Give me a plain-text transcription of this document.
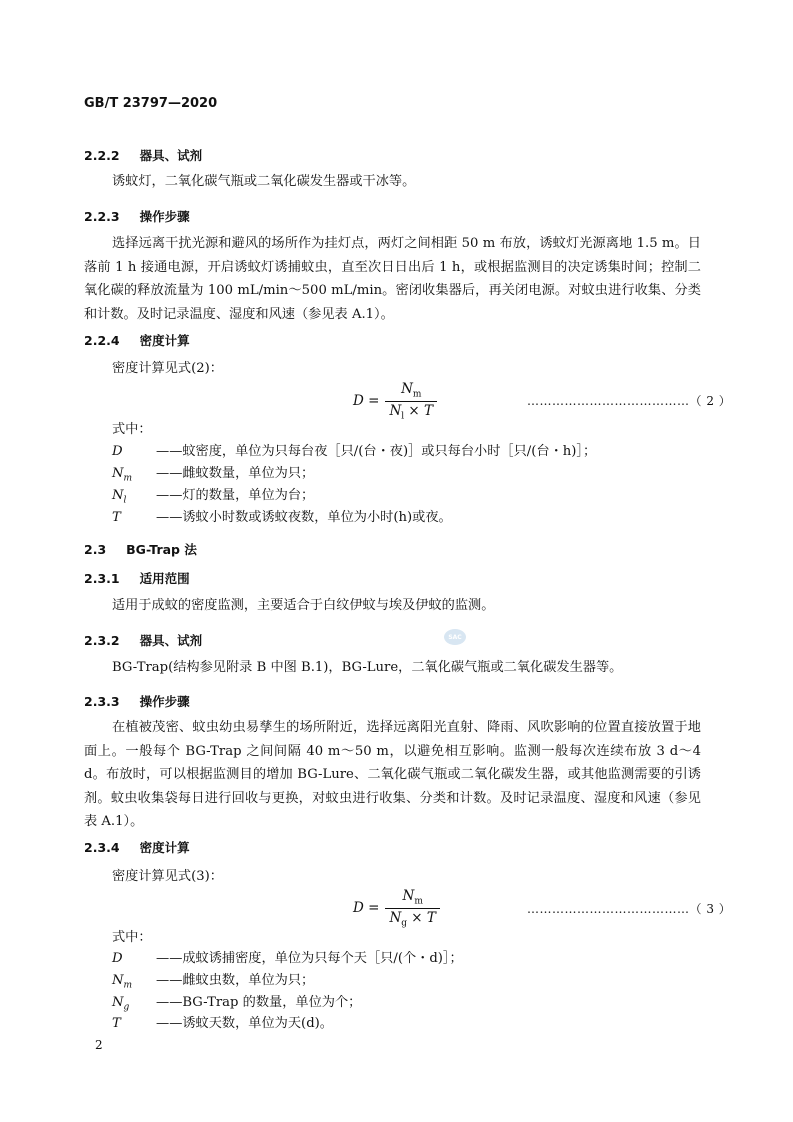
GB/T 23797—2020
2.2.2 器具、试剂
诱蚊灯，二氧化碳气瓶或二氧化碳发生器或干冰等。
2.2.3 操作步骤
选择远离干扰光源和避风的场所作为挂灯点，两灯之间相距 50 m 布放，诱蚊灯光源离地 1.5 m。日落前 1 h 接通电源，开启诱蚊灯诱捕蚊虫，直至次日日出后 1 h，或根据监测目的决定诱集时间；控制二氧化碳的释放流量为 100 mL/min～500 mL/min。密闭收集器后，再关闭电源。对蚊虫进行收集、分类和计数。及时记录温度、湿度和风速（参见表 A.1）。
2.2.4 密度计算
密度计算见式(2)：
$D = \frac{N_m}{N_l \times T}$	…………………………………（ 2 ）
式中：
D	——蚊密度，单位为只每台夜［只/(台・夜)］或只每台小时［只/(台・h)］；
$N_m$ ——雌蚊数量，单位为只；
$N_l$ ——灯的数量，单位为台；
T	——诱蚊小时数或诱蚊夜数，单位为小时(h)或夜。
2.3 BG-Trap 法
2.3.1 适用范围
适用于成蚊的密度监测，主要适合于白纹伊蚊与埃及伊蚊的监测。
2.3.2 器具、试剂	SAC
BG-Trap(结构参见附录 B 中图 B.1)，BG-Lure，二氧化碳气瓶或二氧化碳发生器等。
2.3.3 操作步骤
在植被茂密、蚊虫幼虫易孳生的场所附近，选择远离阳光直射、降雨、风吹影响的位置直接放置于地面上。一般每个 BG-Trap 之间间隔 40 m～50 m，以避免相互影响。监测一般每次连续布放 3 d～4 d。布放时，可以根据监测目的增加 BG-Lure、二氧化碳气瓶或二氧化碳发生器，或其他监测需要的引诱剂。蚊虫收集袋每日进行回收与更换，对蚊虫进行收集、分类和计数。及时记录温度、湿度和风速（参见表 A.1）。
2.3.4 密度计算
密度计算见式(3)：
$D = \frac{N_m}{N_g \times T}$	…………………………………（ 3 ）
式中：
D	——成蚊诱捕密度，单位为只每个天［只/(个・d)］；
$N_m$ ——雌蚊虫数，单位为只；
$N_g$ ——BG-Trap 的数量，单位为个；
T	——诱蚊天数，单位为天(d)。
2
